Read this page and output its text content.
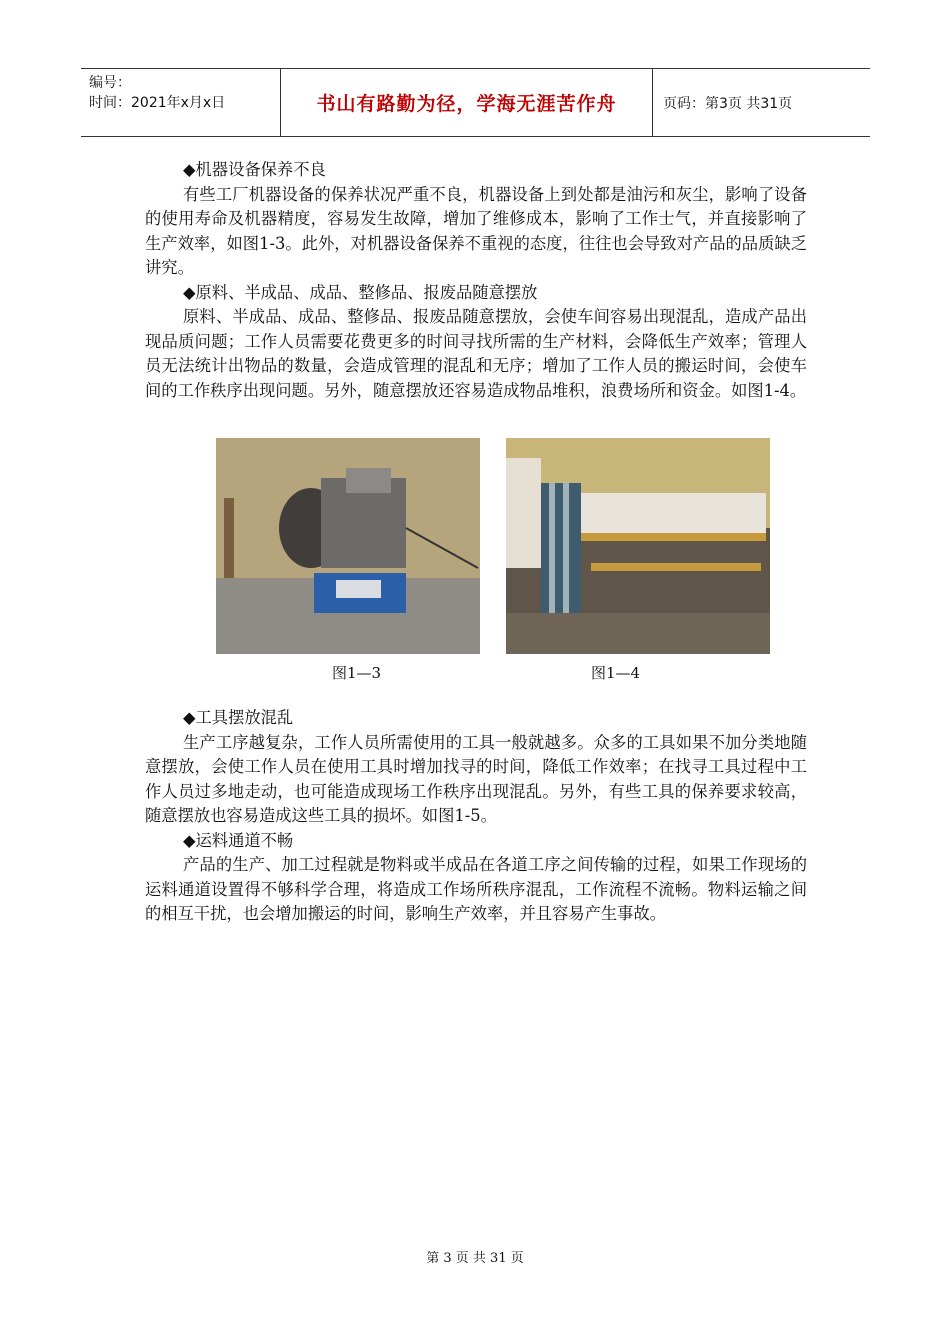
编号：
时间：2021年x月x日	书山有路勤为径，学海无涯苦作舟	页码：第3页 共31页

◆机器设备保养不良

有些工厂机器设备的保养状况严重不良，机器设备上到处都是油污和灰尘，影响了设备的使用寿命及机器精度，容易发生故障，增加了维修成本，影响了工作士气，并直接影响了生产效率，如图1-3。此外，对机器设备保养不重视的态度，往往也会导致对产品的品质缺乏讲究。

◆原料、半成品、成品、整修品、报废品随意摆放

原料、半成品、成品、整修品、报废品随意摆放，会使车间容易出现混乱，造成产品出现品质问题；工作人员需要花费更多的时间寻找所需的生产材料，会降低生产效率；管理人员无法统计出物品的数量，会造成管理的混乱和无序；增加了工作人员的搬运时间，会使车间的工作秩序出现问题。另外，随意摆放还容易造成物品堆积，浪费场所和资金。如图1-4。

图1—3	图1—4

◆工具摆放混乱

生产工序越复杂，工作人员所需使用的工具一般就越多。众多的工具如果不加分类地随意摆放，会使工作人员在使用工具时增加找寻的时间，降低工作效率；在找寻工具过程中工作人员过多地走动，也可能造成现场工作秩序出现混乱。另外，有些工具的保养要求较高，随意摆放也容易造成这些工具的损坏。如图1-5。

◆运料通道不畅

产品的生产、加工过程就是物料或半成品在各道工序之间传输的过程，如果工作现场的运料通道设置得不够科学合理，将造成工作场所秩序混乱，工作流程不流畅。物料运输之间的相互干扰，也会增加搬运的时间，影响生产效率，并且容易产生事故。

第 3 页 共 31 页
